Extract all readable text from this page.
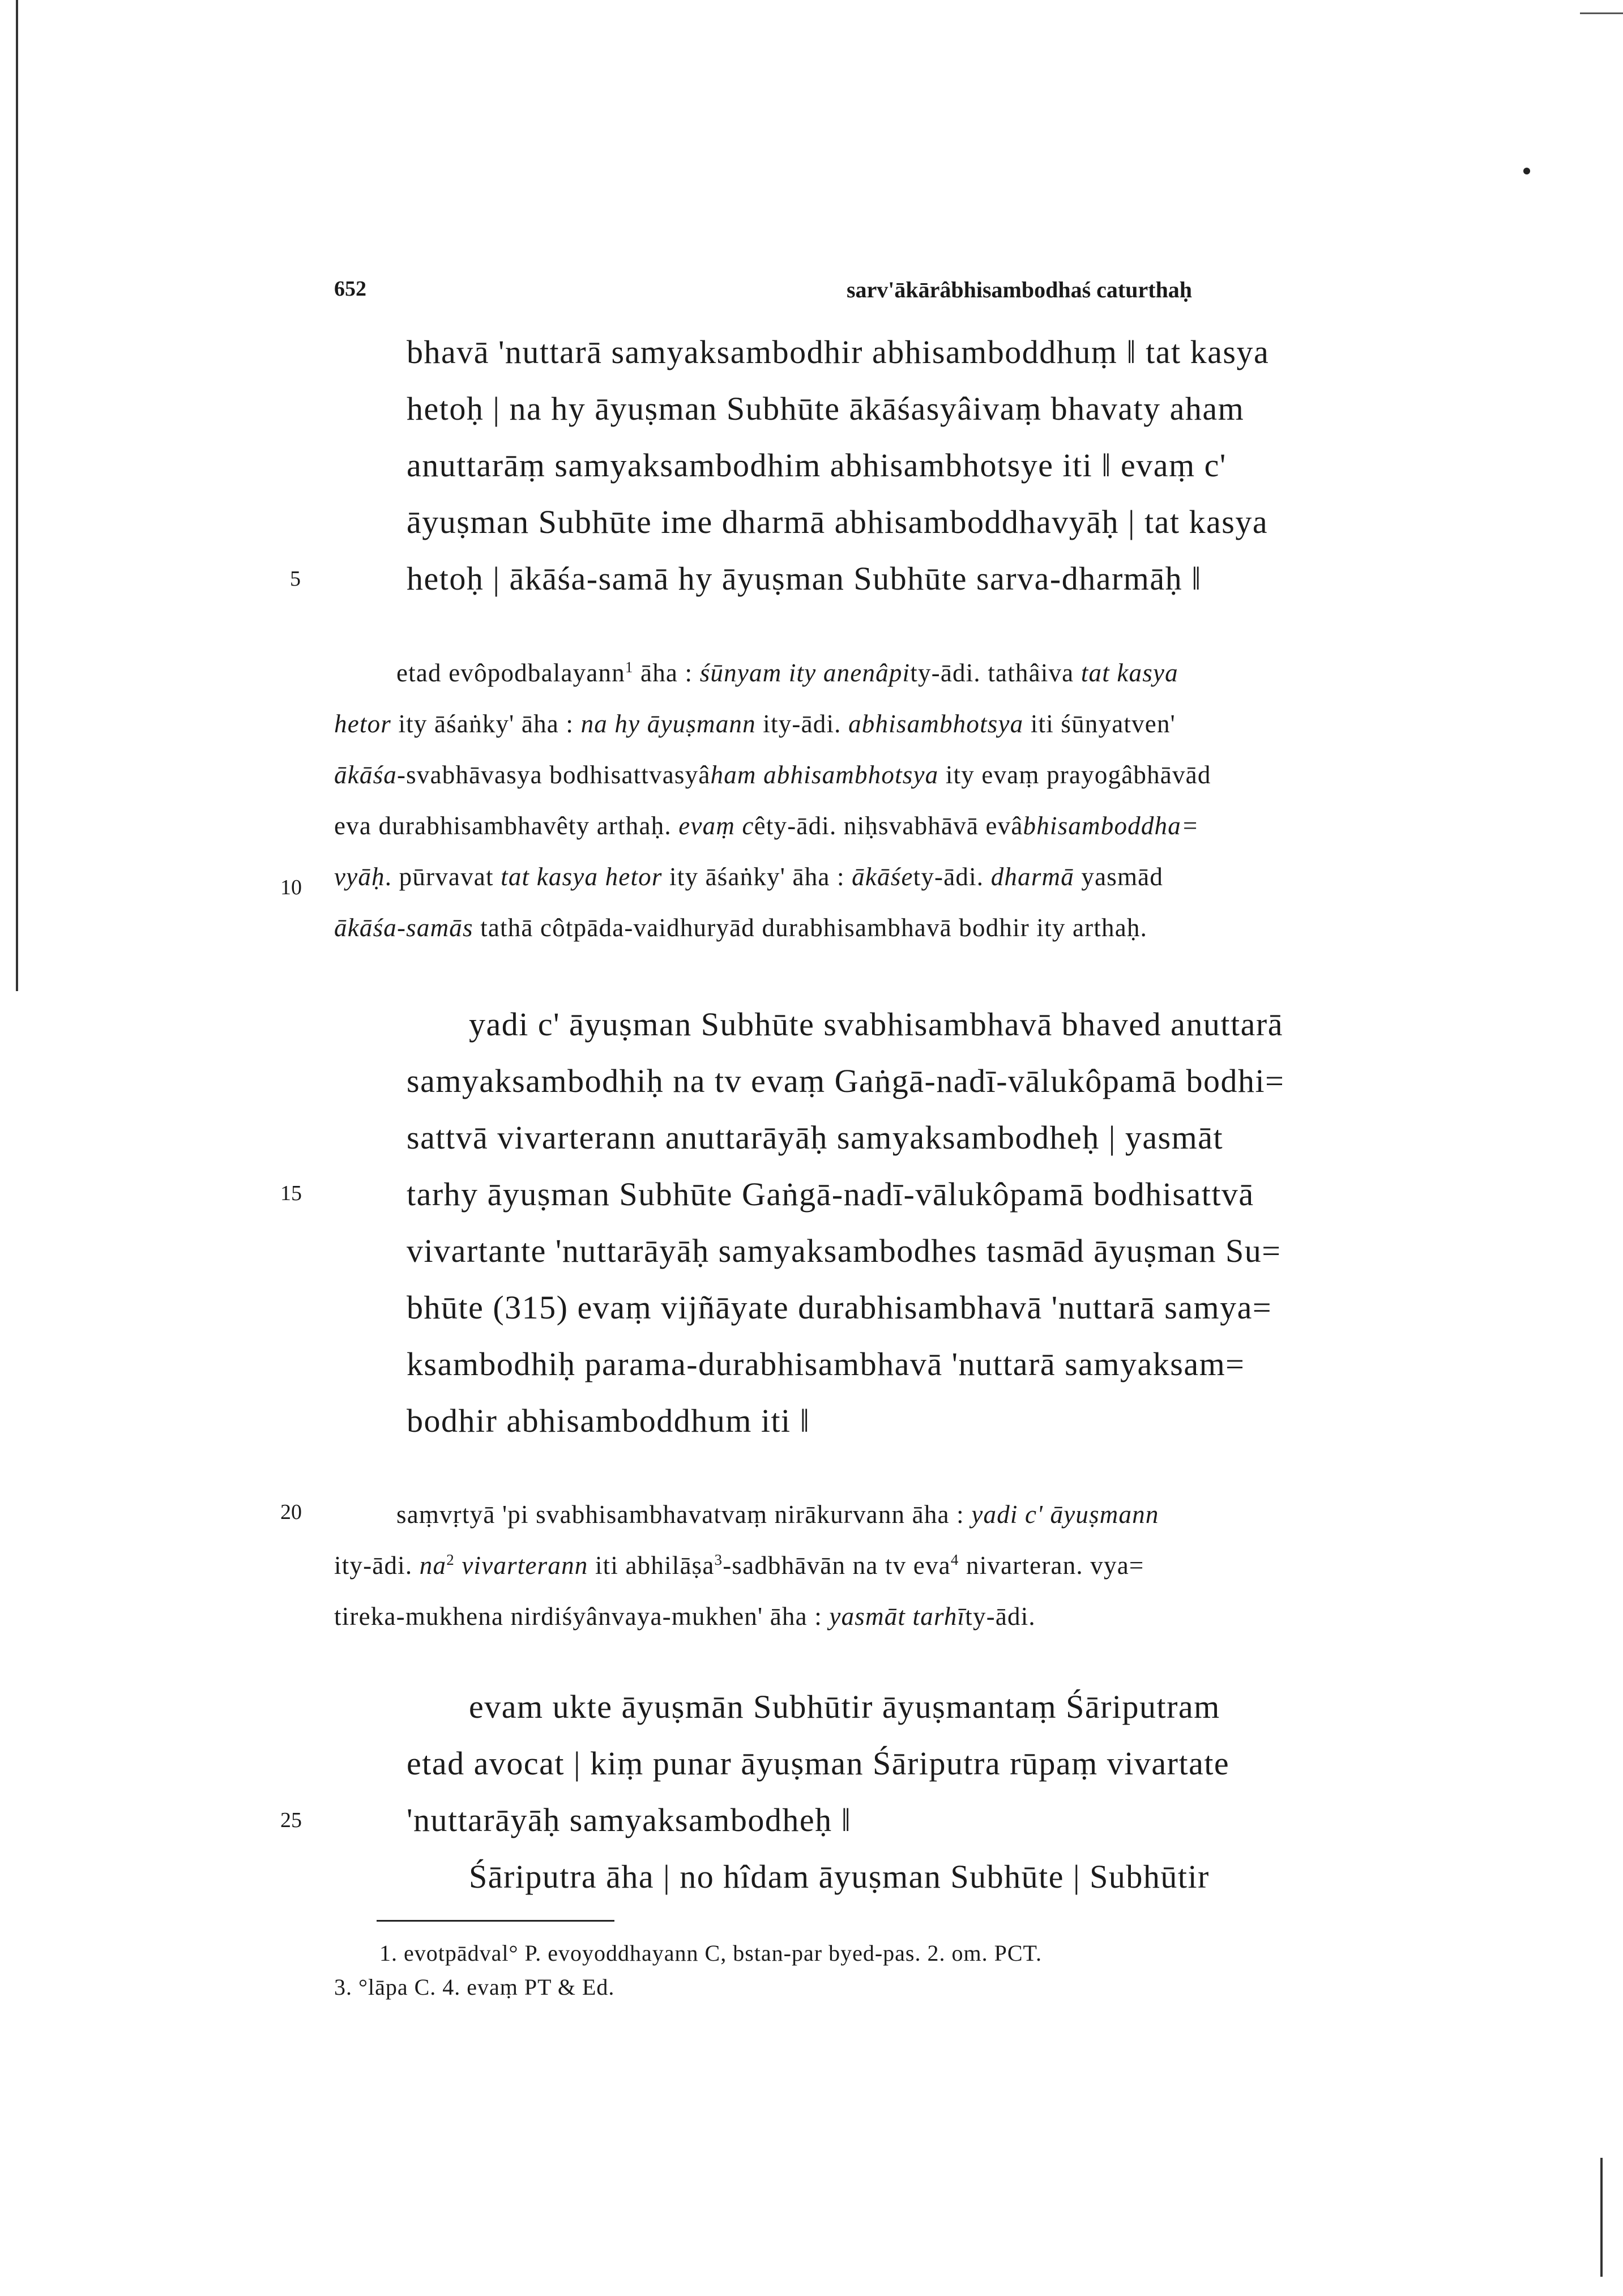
652	sarv'ākārâbhisambodhaś caturthaḥ
5
10
15
20
25
bhavā 'nuttarā samyaksambodhir abhisamboddhuṃ ‖ tat kasya
hetoḥ | na hy āyuṣman Subhūte ākāśasyâivaṃ bhavaty aham
anuttarāṃ samyaksambodhim abhisambhotsye iti ‖ evaṃ c'
āyuṣman Subhūte ime dharmā abhisamboddhavyāḥ | tat kasya
hetoḥ | ākāśa-samā hy āyuṣman Subhūte sarva-dharmāḥ ‖
etad evôpodbalayann$^1$ āha : śūnyam ity anenâpity-ādi. tathâiva tat kasya
hetor ity āśaṅky' āha : na hy āyuṣmann ity-ādi. abhisambhotsya iti śūnyatven'
ākāśa-svabhāvasya bodhisattvasyâham abhisambhotsya ity evaṃ prayogâbhāvād
eva durabhisambhavêty arthaḥ. evaṃ cêty-ādi. niḥsvabhāvā evâbhisamboddha=
vyāḥ. pūrvavat tat kasya hetor ity āśaṅky' āha : ākāśety-ādi. dharmā yasmād
ākāśa-samās tathā côtpāda-vaidhuryād durabhisambhavā bodhir ity arthaḥ.
yadi c' āyuṣman Subhūte svabhisambhavā bhaved anuttarā
samyaksambodhiḥ na tv evaṃ Gaṅgā-nadī-vālukôpamā bodhi=
sattvā vivarterann anuttarāyāḥ samyaksambodheḥ | yasmāt
tarhy āyuṣman Subhūte Gaṅgā-nadī-vālukôpamā bodhisattvā
vivartante 'nuttarāyāḥ samyaksambodhes tasmād āyuṣman Su=
bhūte (315) evaṃ vijñāyate durabhisambhavā 'nuttarā samya=
ksambodhiḥ parama-durabhisambhavā 'nuttarā samyaksam=
bodhir abhisamboddhum iti ‖
saṃvṛtyā 'pi svabhisambhavatvaṃ nirākurvann āha : yadi c' āyuṣmann
ity-ādi. $na^2$ vivarterann iti abhilāṣa$^3$-sadbhāvān na tv eva$^4$ nivarteran. vya=
tireka-mukhena nirdiśyânvaya-mukhen' āha : yasmāt tarhīty-ādi.
evam ukte āyuṣmān Subhūtir āyuṣmantaṃ Śāriputram
etad avocat | kiṃ punar āyuṣman Śāriputra rūpaṃ vivartate
'nuttarāyāḥ samyaksambodheḥ ‖
Śāriputra āha | no hîdam āyuṣman Subhūte | Subhūtir
1. evotpādval° P. evoyoddhayann C, bstan-par byed-pas. 2. om. PCT.
3. °lāpa C. 4. evaṃ PT & Ed.
